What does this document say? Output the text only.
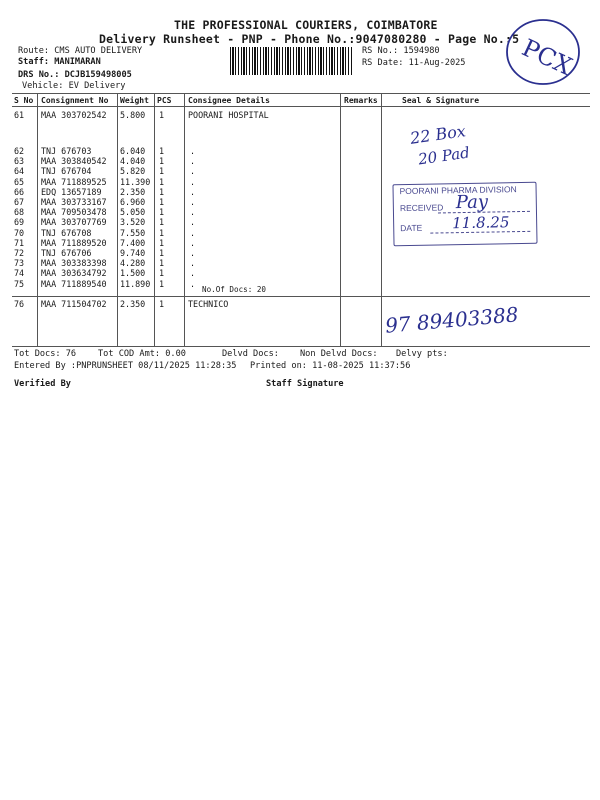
THE PROFESSIONAL COURIERS, COIMBATORE
Delivery Runsheet - PNP - Phone No.:9047080280 - Page No.:5
Route: CMS AUTO DELIVERY
Staff: MANIMARAN
DRS No.: DCJB159498005
Vehicle: EV Delivery
RS No.: 1594980
RS Date: 11-Aug-2025 PCX
S No Consignment No Weight PCS Consignee Details	Remarks	Seal & Signature
61 MAA 303702542 5.800 1	POORANI HOSPITAL
62 TNJ 676703	6.040 1	.
63 MAA 303840542 4.040 1	.
64 TNJ 676704	5.820 1	.
65 MAA 711889525 11.390 1	.
66 EDQ 13657189 2.350 1	.
67 MAA 303733167 6.960 1	.
68 MAA 709503478 5.050 1	.
69 MAA 303707769 3.520 1	.
70 TNJ 676708	7.550 1	.
71 MAA 711889520 7.400 1	.
72 TNJ 676706	9.740 1	.
73 MAA 303383398 4.280 1	.
74 MAA 303634792 1.500 1	.
75 MAA 711889540 11.890 1	.
No.Of Docs: 20
76 MAA 711504702 2.350 1	TECHNICO
22 Box
20 Pad
POORANI PHARMA DIVISION
RECEIVED
DATE
Pay
11.8.25
97 89403388
Tot Docs: 76	Tot COD Amt: 0.00	Delvd Docs: Non Delvd Docs: Delvy pts:
Entered By :PNPRUNSHEET 08/11/2025 11:28:35 Printed on: 11-08-2025 11:37:56
Verified By	Staff Signature
